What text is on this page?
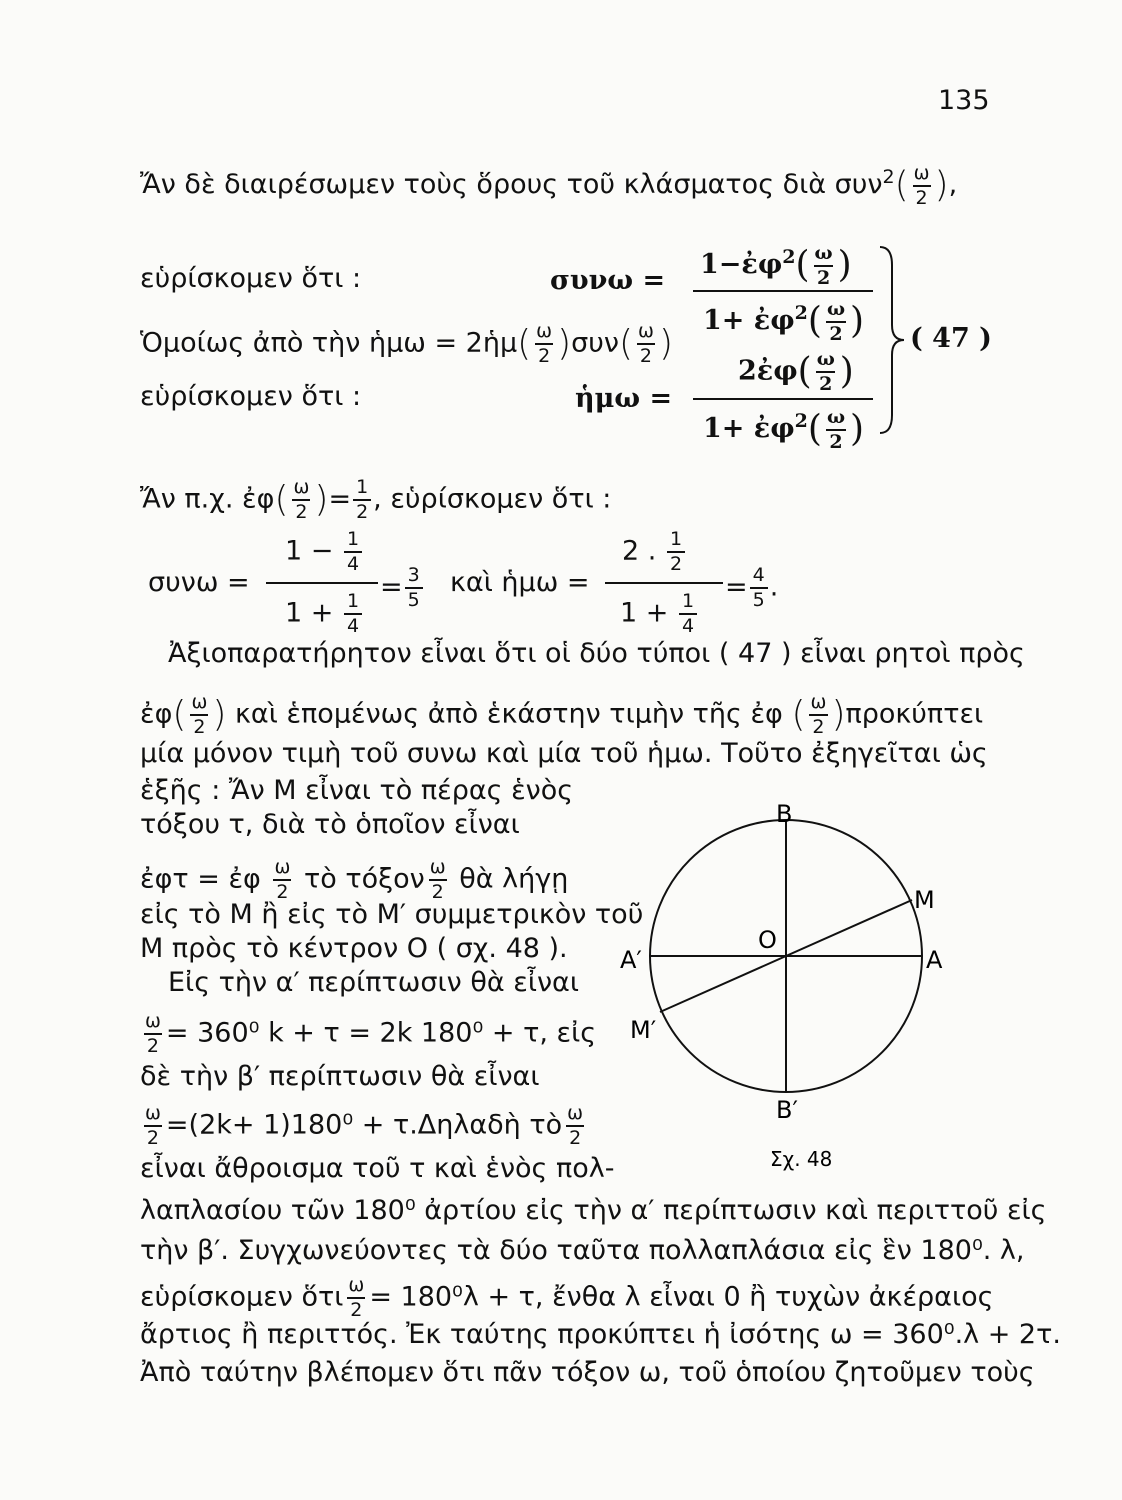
135
Ἄν δὲ διαιρέσωμεν τοὺς ὅρους τοῦ κλάσματος διὰ $\sigma\upsilon\nu^2( \frac{\omega}{2}$ ),
εὑρίσκομεν ὅτι :	συνω =
1−ἐφ$^2$( $\frac{\omega}{2}$ )
1+ ἐφ$^2$( $\frac{\omega}{2}$ )
Ὁμοίως ἀπὸ τὴν ἡμω = 2ἡμ( $\frac{\omega}{2} )\sigma\upsilon\nu( \frac{\omega}{2}$ )
εὑρίσκομεν ὅτι :	ἡμω =
2ἐφ( $\frac{\omega}{2}$ )
1+ ἐφ$^2$( $\frac{\omega}{2}$ )
( 47 )
Ἄν π.χ. ἐφ( $\frac{\omega}{2}$ )= $\frac{1}{2}$ , εὑρίσκομεν ὅτι :
συνω =
$1 - \frac{1}{4}$
$1 + \frac{1}{4}$
= $\frac{3}{5}$ καὶ ἡμω =
2 . $\frac{1}{2}$
$1 + \frac{1}{4}$
= $\frac{4}{5}$ .
Ἀξιοπαρατήρητον εἶναι ὅτι οἱ δύο τύποι ( 47 ) εἶναι ρητοὶ πρὸς
ἐφ( $\frac{\omega}{2}$ ) καὶ ἑπομένως ἀπὸ ἑκάστην τιμὴν τῆς ἐφ ( $\frac{\omega}{2} )\pi\rho o\kappa ύ\pi\tau\varepsilon\iota$
μία μόνον τιμὴ τοῦ συνω καὶ μία τοῦ ἡμω. Τοῦτο ἐξηγεῖται ὡς
ἑξῆς : Ἄν Μ εἶναι τὸ πέρας ἑνὸς
τόξου τ, διὰ τὸ ὁποῖον εἶναι
ἐφτ = ἐφ $\frac{\omega}{2}$ τὸ τόξον $\frac{\omega}{2}$ θὰ λήγῃ
εἰς τὸ Μ ἢ εἰς τὸ Μ′ συμμετρικὸν τοῦ
Μ πρὸς τὸ κέντρον Ο ( σχ. 48 ).
Εἰς τὴν α′ περίπτωσιν θὰ εἶναι
$\frac{\omega}{2} = 360^0$ k + τ = 2k 180⁰ + τ, εἰς
δὲ τὴν β′ περίπτωσιν θὰ εἶναι
$\frac{\omega}{2} =(2k+ 1)180^0$ + τ.Δηλαδὴ τὸ $\frac{\omega}{2}$
εἶναι ἄθροισμα τοῦ τ καὶ ἑνὸς πολ-
λαπλασίου τῶν 180⁰ ἀρτίου εἰς τὴν α′ περίπτωσιν καὶ περιττοῦ εἰς
τὴν β′. Συγχωνεύοντες τὰ δύο ταῦτα πολλαπλάσια εἰς ἓν 180⁰. λ,
εὑρίσκομεν ὅτι $\frac{\omega}{2} = 180^0\lambda + \tau$, ἔνθα λ εἶναι 0 ἢ τυχὼν ἀκέραιος
ἄρτιος ἢ περιττός. Ἐκ ταύτης προκύπτει ἡ ἰσότης ω = 360⁰.λ + 2τ.
Ἀπὸ ταύτην βλέπομεν ὅτι πᾶν τόξον ω, τοῦ ὁποίου ζητοῦμεν τοὺς
B
B′
A
A′
M
M′
O
Σχ. 48
